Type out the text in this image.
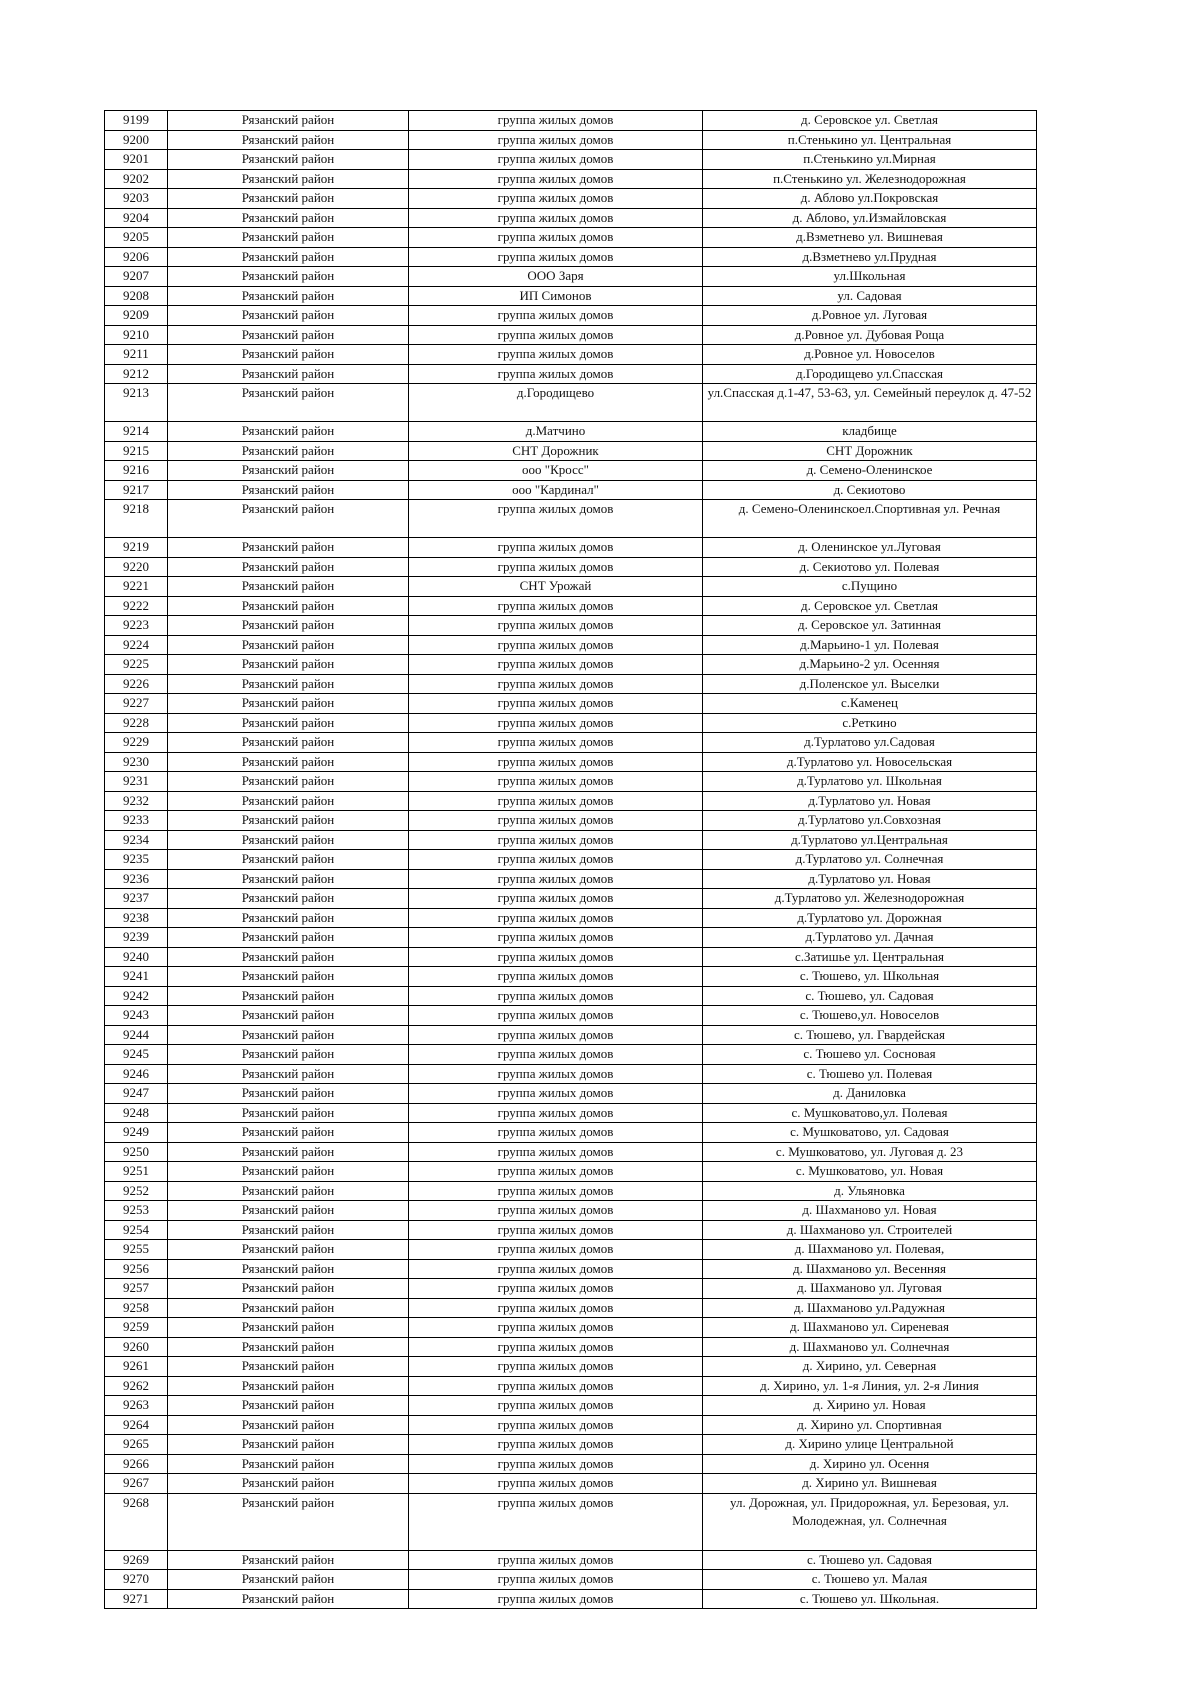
9199	Рязанский район	группа жилых домов	д. Серовское ул. Светлая
9200	Рязанский район	группа жилых домов	п.Стенькино ул. Центральная
9201	Рязанский район	группа жилых домов	п.Стенькино ул.Мирная
9202	Рязанский район	группа жилых домов	п.Стенькино ул. Железнодорожная
9203	Рязанский район	группа жилых домов	д. Аблово ул.Покровская
9204	Рязанский район	группа жилых домов	д. Аблово, ул.Измайловская
9205	Рязанский район	группа жилых домов	д.Взметнево ул. Вишневая
9206	Рязанский район	группа жилых домов	д.Взметнево ул.Прудная
9207	Рязанский район	ООО Заря	ул.Школьная
9208	Рязанский район	ИП Симонов	ул. Садовая
9209	Рязанский район	группа жилых домов	д.Ровное ул. Луговая
9210	Рязанский район	группа жилых домов	д.Ровное ул. Дубовая Роща
9211	Рязанский район	группа жилых домов	д.Ровное ул. Новоселов
9212	Рязанский район	группа жилых домов	д.Городищево ул.Спасская
9213	Рязанский район	д.Городищево	ул.Спасская д.1-47, 53-63, ул. Семейный переулок д. 47-52
9214	Рязанский район	д.Матчино	кладбище
9215	Рязанский район	СНТ Дорожник	СНТ Дорожник
9216	Рязанский район	ооо "Кросс"	д. Семено-Оленинское
9217	Рязанский район	ооо "Кардинал"	д. Секиотово
9218	Рязанский район	группа жилых домов	д. Семено-Оленинскоел.Спортивная ул. Речная
9219	Рязанский район	группа жилых домов	д. Оленинское ул.Луговая
9220	Рязанский район	группа жилых домов	д. Секиотово ул. Полевая
9221	Рязанский район	СНТ Урожай	с.Пущино
9222	Рязанский район	группа жилых домов	д. Серовское ул. Светлая
9223	Рязанский район	группа жилых домов	д. Серовское ул. Затинная
9224	Рязанский район	группа жилых домов	д.Марьино-1 ул. Полевая
9225	Рязанский район	группа жилых домов	д.Марьино-2 ул. Осенняя
9226	Рязанский район	группа жилых домов	д.Поленское ул. Выселки
9227	Рязанский район	группа жилых домов	с.Каменец
9228	Рязанский район	группа жилых домов	с.Реткино
9229	Рязанский район	группа жилых домов	д.Турлатово ул.Садовая
9230	Рязанский район	группа жилых домов	д.Турлатово ул. Новосельская
9231	Рязанский район	группа жилых домов	д.Турлатово ул. Школьная
9232	Рязанский район	группа жилых домов	д.Турлатово ул. Новая
9233	Рязанский район	группа жилых домов	д.Турлатово ул.Совхозная
9234	Рязанский район	группа жилых домов	д.Турлатово ул.Центральная
9235	Рязанский район	группа жилых домов	д.Турлатово ул. Солнечная
9236	Рязанский район	группа жилых домов	д.Турлатово ул. Новая
9237	Рязанский район	группа жилых домов	д.Турлатово ул. Железнодорожная
9238	Рязанский район	группа жилых домов	д.Турлатово ул. Дорожная
9239	Рязанский район	группа жилых домов	д.Турлатово ул. Дачная
9240	Рязанский район	группа жилых домов	с.Затишье ул. Центральная
9241	Рязанский район	группа жилых домов	с. Тюшево, ул. Школьная
9242	Рязанский район	группа жилых домов	с. Тюшево, ул. Садовая
9243	Рязанский район	группа жилых домов	с. Тюшево,ул. Новоселов
9244	Рязанский район	группа жилых домов	с. Тюшево, ул. Гвардейская
9245	Рязанский район	группа жилых домов	с. Тюшево ул. Сосновая
9246	Рязанский район	группа жилых домов	с. Тюшево ул. Полевая
9247	Рязанский район	группа жилых домов	д. Даниловка
9248	Рязанский район	группа жилых домов	с. Мушковатово,ул. Полевая
9249	Рязанский район	группа жилых домов	с. Мушковатово, ул. Садовая
9250	Рязанский район	группа жилых домов	с. Мушковатово, ул. Луговая д. 23
9251	Рязанский район	группа жилых домов	с. Мушковатово, ул. Новая
9252	Рязанский район	группа жилых домов	д. Ульяновка
9253	Рязанский район	группа жилых домов	д. Шахманово ул. Новая
9254	Рязанский район	группа жилых домов	д. Шахманово ул. Строителей
9255	Рязанский район	группа жилых домов	д. Шахманово ул. Полевая,
9256	Рязанский район	группа жилых домов	д. Шахманово ул. Весенняя
9257	Рязанский район	группа жилых домов	д. Шахманово ул. Луговая
9258	Рязанский район	группа жилых домов	д. Шахманово ул.Радужная
9259	Рязанский район	группа жилых домов	д. Шахманово ул. Сиреневая
9260	Рязанский район	группа жилых домов	д. Шахманово ул. Солнечная
9261	Рязанский район	группа жилых домов	д. Хирино, ул. Северная
9262	Рязанский район	группа жилых домов	д. Хирино, ул. 1-я Линия, ул. 2-я Линия
9263	Рязанский район	группа жилых домов	д. Хирино ул. Новая
9264	Рязанский район	группа жилых домов	д. Хирино ул. Спортивная
9265	Рязанский район	группа жилых домов	д. Хирино улице Центральной
9266	Рязанский район	группа жилых домов	д. Хирино ул. Осення
9267	Рязанский район	группа жилых домов	д. Хирино ул. Вишневая
9268	Рязанский район	группа жилых домов	ул. Дорожная, ул. Придорожная, ул. Березовая, ул. Молодежная, ул. Солнечная
9269	Рязанский район	группа жилых домов	с. Тюшево ул. Садовая
9270	Рязанский район	группа жилых домов	с. Тюшево ул. Малая
9271	Рязанский район	группа жилых домов	с. Тюшево ул. Школьная.
